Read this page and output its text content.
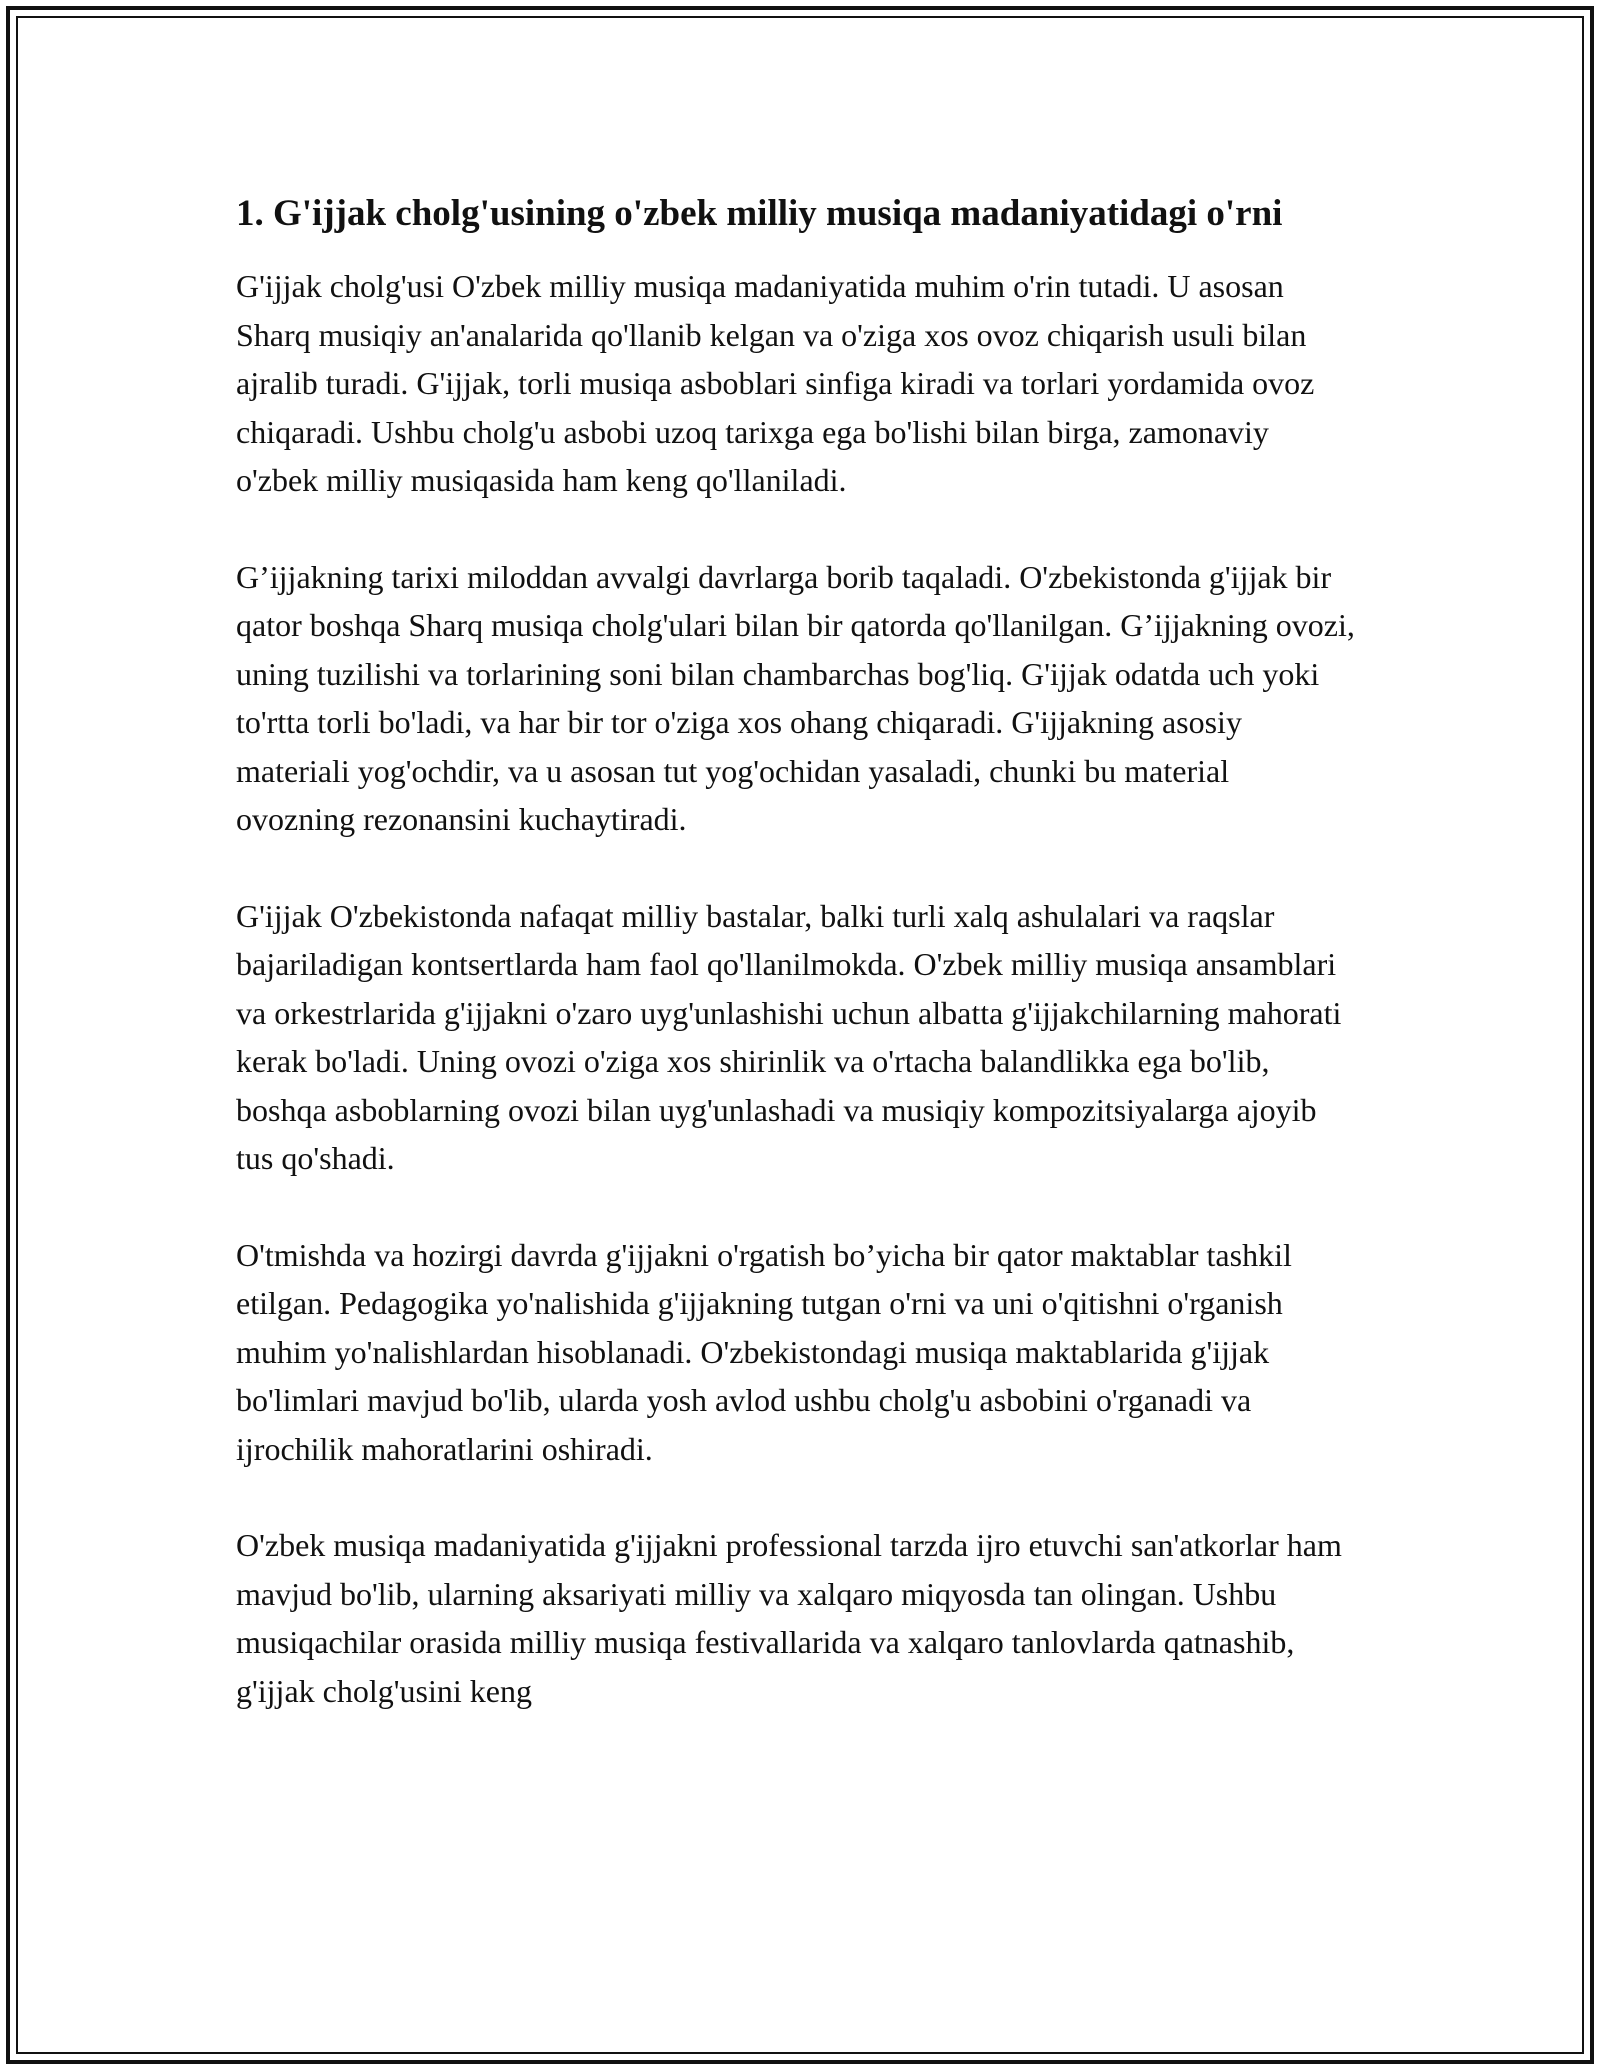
1. G'ijjak cholg'usining o'zbek milliy musiqa madaniyatidagi o'rni

G'ijjak cholg'usi O'zbek milliy musiqa madaniyatida muhim o'rin tutadi. U asosan Sharq musiqiy an'analarida qo'llanib kelgan va o'ziga xos ovoz chiqarish usuli bilan ajralib turadi. G'ijjak, torli musiqa asboblari sinfiga kiradi va torlari yordamida ovoz chiqaradi. Ushbu cholg'u asbobi uzoq tarixga ega bo'lishi bilan birga, zamonaviy o'zbek milliy musiqasida ham keng qo'llaniladi.

G’ijjakning tarixi miloddan avvalgi davrlarga borib taqaladi. O'zbekistonda g'ijjak bir qator boshqa Sharq musiqa cholg'ulari bilan bir qatorda qo'llanilgan. G’ijjakning ovozi, uning tuzilishi va torlarining soni bilan chambarchas bog'liq. G'ijjak odatda uch yoki to'rtta torli bo'ladi, va har bir tor o'ziga xos ohang chiqaradi. G'ijjakning asosiy materiali yog'ochdir, va u asosan tut yog'ochidan yasaladi, chunki bu material ovozning rezonansini kuchaytiradi.

G'ijjak O'zbekistonda nafaqat milliy bastalar, balki turli xalq ashulalari va raqslar bajariladigan kontsertlarda ham faol qo'llanilmokda. O'zbek milliy musiqa ansamblari va orkestrlarida g'ijjakni o'zaro uyg'unlashishi uchun albatta g'ijjakchilarning mahorati kerak bo'ladi. Uning ovozi o'ziga xos shirinlik va o'rtacha balandlikka ega bo'lib, boshqa asboblarning ovozi bilan uyg'unlashadi va musiqiy kompozitsiyalarga ajoyib tus qo'shadi.

O'tmishda va hozirgi davrda g'ijjakni o'rgatish bo’yicha bir qator maktablar tashkil etilgan. Pedagogika yo'nalishida g'ijjakning tutgan o'rni va uni o'qitishni o'rganish muhim yo'nalishlardan hisoblanadi. O'zbekistondagi musiqa maktablarida g'ijjak bo'limlari mavjud bo'lib, ularda yosh avlod ushbu cholg'u asbobini o'rganadi va ijrochilik mahoratlarini oshiradi.

O'zbek musiqa madaniyatida g'ijjakni professional tarzda ijro etuvchi san'atkorlar ham mavjud bo'lib, ularning aksariyati milliy va xalqaro miqyosda tan olingan. Ushbu musiqachilar orasida milliy musiqa festivallarida va xalqaro tanlovlarda qatnashib, g'ijjak cholg'usini keng
